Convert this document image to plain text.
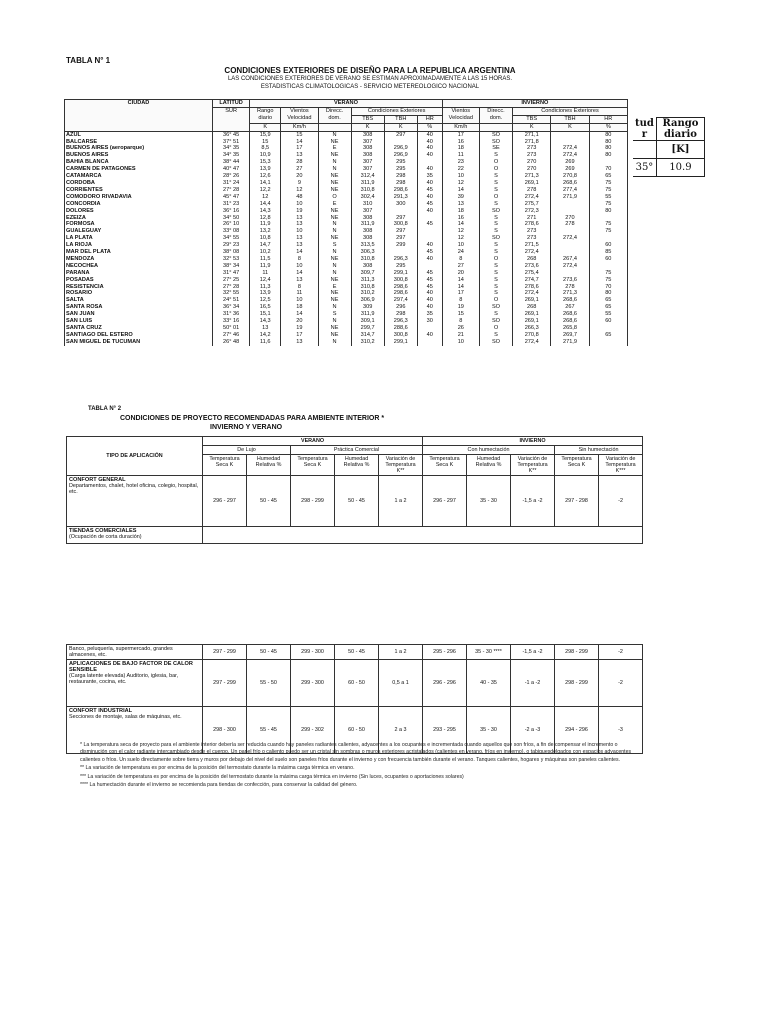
TABLA N° 1
CONDICIONES EXTERIORES DE DISEÑO PARA LA REPUBLICA ARGENTINA
LAS CONDICIONES EXTERIORES DE VERANO SE ESTIMAN APROXIMADAMENTE A LAS 15 HORAS.
ESTADISTICAS CLIMATOLOGICAS - SERVICIO METEREOLOGICO NACIONAL
CIUDAD	LATITUD	VERANO						INVIERNO				
	SUR	Rango diario	Vientos Velocidad	Direcc. dom.	Condiciones Exteriores			Vientos Velocidad	Direcc. dom.	Condiciones Exteriores		
					TBS	TBH	HR			TBS	TBH	HR
		K	Km/h		K	K	%	Km/h		K	K	%
AZUL	36° 45	15,9	15	N	308	297	40	17	SO	271,1		80
BALCARSE	37° 51	15	14	NE	307		40	16	SO	271,8		80
BUENOS AIRES (aeroparque)	34° 35	8,5	17	E	308	296,9	40	18	SE	273	272,4	80
BUENOS AIRES	34° 35	10,9	13	NE	308	296,9	40	11	S	273	272,4	80
BAHIA BLANCA	38° 44	15,3	28	N	307	295		23	O	270	269	
CARMEN DE PATAGONES	40° 47	13,9	27	N	307	295	40	22	O	270	269	70
CATAMARCA	28° 26	12,6	20	NE	312,4	298	35	10	S	271,3	270,8	65
CORDOBA	31° 24	14,1	9	NE	311,9	298	40	12	S	269,1	268,6	75
CORRIENTES	27° 28	12,2	12	NE	310,8	298,6	45	14	S	278	277,4	75
COMODORO RIVADAVIA	45° 47	12	48	O	302,4	291,3	40	39	O	272,4	271,9	55
CONCORDIA	31° 23	14,4	10	E	310	300	45	13	S	275,7		75
DOLORES	36° 16	14,3	19	NE	307		40	18	SO	272,3		80
EZEIZA	34° 50	12,8	13	NE	308	297		16	S	271	270	
FORMOSA	26° 10	11,9	13	N	311,9	300,8	45	14	S	278,6	278	75
GUALEGUAY	33° 08	13,2	10	N	308	297		12	S	273		75
LA PLATA	34° 55	10,8	13	NE	308	297		12	SO	273	272,4	
LA RIOJA	29° 23	14,7	13	S	313,5	299	40	10	S	271,5		60
MAR DEL PLATA	38° 08	10,2	14	N	306,3		45	24	S	272,4		85
MENDOZA	32° 53	11,5	8	NE	310,8	296,3	40	8	O	268	267,4	60
NECOCHEA	38° 34	11,9	10	N	308	295		27	S	273,6	272,4	
PARANA	31° 47	11	14	N	309,7	299,1	45	20	S	275,4		75
POSADAS	27° 25	12,4	13	NE	311,3	300,8	45	14	S	274,7	273,6	75
RESISTENCIA	27° 28	11,3	8	E	310,8	298,6	45	14	S	278,6	278	70
ROSARIO	32° 55	13,9	11	NE	310,2	298,6	40	17	S	272,4	271,3	80
SALTA	24° 51	12,5	10	NE	306,9	297,4	40	8	O	269,1	268,6	65
SANTA ROSA	36° 34	16,5	18	N	309	296	40	19	SO	268	267	65
SAN JUAN	31° 36	15,1	14	S	311,9	298	35	15	S	269,1	268,6	55
SAN LUIS	33° 16	14,3	20	N	309,1	296,3	30	8	SO	269,1	268,6	60
SANTA CRUZ	50° 01	13	19	NE	299,7	288,6		26	O	266,3	265,8	
SANTIAGO DEL ESTERO	27° 46	14,2	17	NE	314,7	300,8	40	21	S	270,8	269,7	65
SAN MIGUEL DE TUCUMAN	26° 48	11,6	13	N	310,2	299,1		10	SO	272,4	271,9	
tud
r	Rango diario
	[K]
35°	10.9
TABLA N° 2
CONDICIONES DE PROYECTO RECOMENDADAS PARA AMBIENTE INTERIOR *
INVIERNO Y VERANO
TIPO DE APLICACIÓN	VERANO					INVIERNO				
	De Lujo		Práctica Comercial			Con humectación			Sin humectación	
	Temperatura Seca K	Humedad Relativa %	Temperatura Seca K	Humedad Relativa %	Variación de Temperatura K**	Temperatura Seca K	Humedad Relativa %	Variación de Temperatura K**	Temperatura Seca K	Variación de Temperatura K***

CONFORT GENERAL
Departamentos, chalet, hotel oficina, colegio, hospital, etc.	296 - 297	50 - 45	298 - 299	50 - 45	1 a 2	296 - 297	35 - 30	-1,5 a -2	297 - 298	-2

TIENDAS COMERCIALES
(Ocupación de corta duración)										
Banco, peluquería, supermercado, grandes almacenes, etc.	297 - 299	50 - 45	299 - 300	50 - 45	1 a 2	295 - 296	35 - 30 ****	-1,5 a -2	298 - 299	-2

APLICACIONES DE BAJO FACTOR DE CALOR SENSIBLE
(Carga latente elevada) Auditorio, iglesia, bar, restaurante, cocina, etc.	297 - 299	55 - 50	299 - 300	60 - 50	0,5 a 1	296 - 296	40 - 35	-1 a -2	298 - 299	-2

CONFORT INDUSTRIAL
Secciones de montaje, salas de máquinas, etc.	298 - 300	55 - 45	299 - 302	60 - 50	2 a 3	293 - 295	35 - 30	-2 a -3	294 - 296	-3
* La temperatura seca de proyecto para el ambiente interior debería ser reducida cuando hay paneles radiantes calientes, adyacentes a los ocupantes e incrementada cuando aquellos que son fríos, a fin de compensar el incremento o disminución con el calor radiante intercambiado desde el cuerpo. Un panel frío o caliento puedo ser un cristal sin sombras o muros exteriores acristalados (calientes en verano, fríos en invierno), o tabiquesdelgados con espacios adyacentes calientes o fríos. Un suelo directamente sobre tierra y muros por debajo del nivel del suelo son paneles fríos durante el invierno y con frecuencia también durante el verano. Tanques calientes, hogares y máquinas son paneles calientes.
** La variación de temperatura es por encima de la posición del termostato durante la máxima carga térmica en verano.
*** La variación de temperatura es por encima de la posición del termostato durante la máxima carga térmica en invierno (Sin luces, ocupantes o aportaciones solares)
**** La humectación durante el invierno se recomienda para tiendas de confección, para conservar la calidad del género.
